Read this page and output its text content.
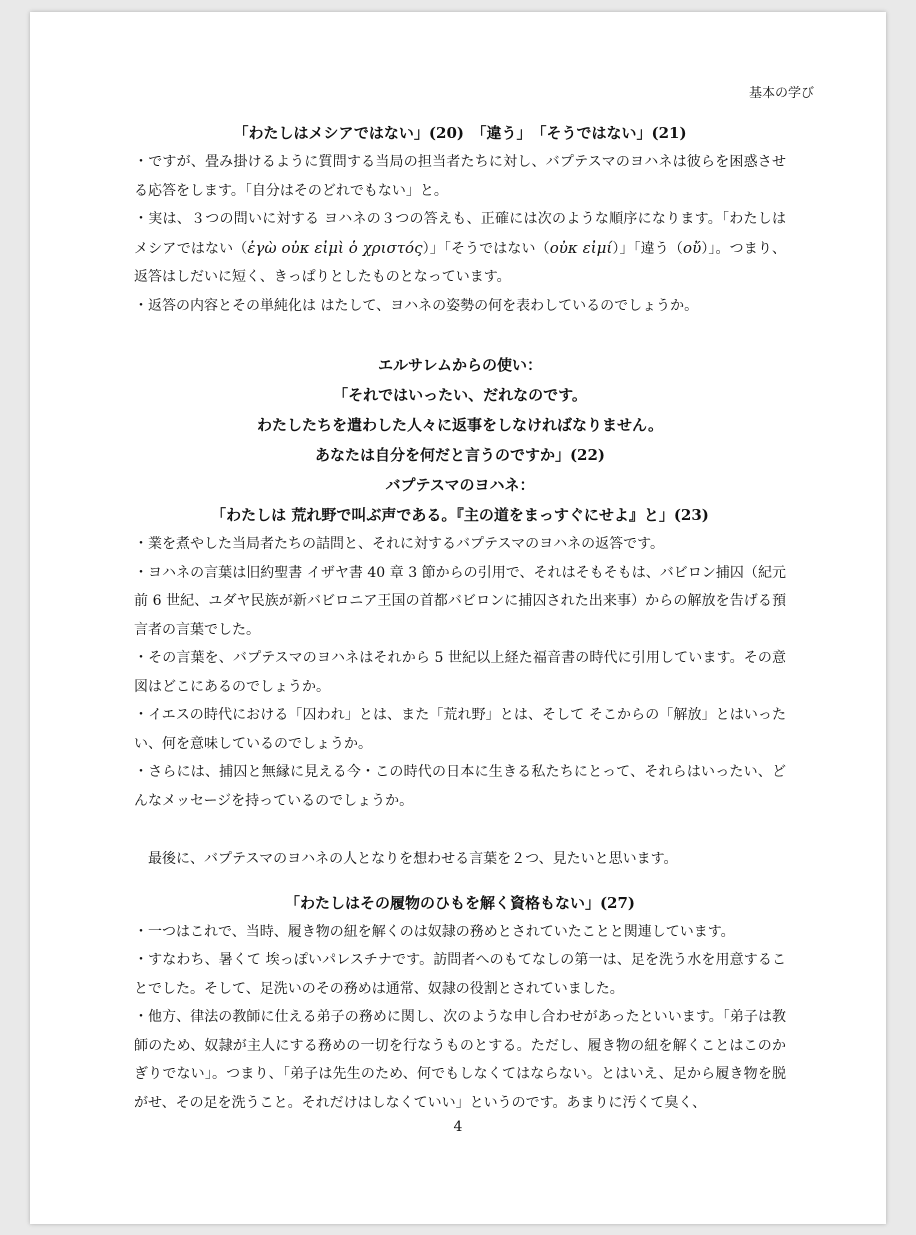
基本の学び

「わたしはメシアではない」(20)　「違う」　「そうではない」(21)

・ですが、畳み掛けるように質問する当局の担当者たちに対し、バプテスマのヨハネは彼らを困惑させる応答をします。「自分はそのどれでもない」と。

・実は、３つの問いに対する ヨハネの３つの答えも、正確には次のような順序になります。「わたしはメシアではない（ἐγὼ οὐκ εἰμὶ ὁ χριστός）」「そうではない（οὐκ εἰμί）」「違う（οὔ）」。つまり、返答はしだいに短く、きっぱりとしたものとなっています。

・返答の内容とその単純化は はたして、ヨハネの姿勢の何を表わしているのでしょうか。

エルサレムからの使い：

「それではいったい、だれなのです。

わたしたちを遣わした人々に返事をしなければなりません。

あなたは自分を何だと言うのですか」(22)

バプテスマのヨハネ：

「わたしは 荒れ野で叫ぶ声である。『主の道をまっすぐにせよ』と」(23)

・業を煮やした当局者たちの詰問と、それに対するバプテスマのヨハネの返答です。

・ヨハネの言葉は旧約聖書 イザヤ書 40 章 3 節からの引用で、それはそもそもは、バビロン捕囚（紀元前 6 世紀、ユダヤ民族が新バビロニア王国の首都バビロンに捕囚された出来事）からの解放を告げる預言者の言葉でした。

・その言葉を、バプテスマのヨハネはそれから 5 世紀以上経た福音書の時代に引用しています。その意図はどこにあるのでしょうか。

・イエスの時代における「囚われ」とは、また「荒れ野」とは、そして そこからの「解放」とはいったい、何を意味しているのでしょうか。

・さらには、捕囚と無縁に見える今・この時代の日本に生きる私たちにとって、それらはいったい、どんなメッセージを持っているのでしょうか。

最後に、バプテスマのヨハネの人となりを想わせる言葉を２つ、見たいと思います。

「わたしはその履物のひもを解く資格もない」(27)

・一つはこれで、当時、履き物の紐を解くのは奴隷の務めとされていたことと関連しています。

・すなわち、暑くて 埃っぽいパレスチナです。訪問者へのもてなしの第一は、足を洗う水を用意することでした。そして、足洗いのその務めは通常、奴隷の役割とされていました。

・他方、律法の教師に仕える弟子の務めに関し、次のような申し合わせがあったといいます。「弟子は教師のため、奴隷が主人にする務めの一切を行なうものとする。ただし、履き物の紐を解くことはこのかぎりでない」。つまり、「弟子は先生のため、何でもしなくてはならない。とはいえ、足から履き物を脱がせ、その足を洗うこと。それだけはしなくていい」というのです。あまりに汚くて臭く、

4
